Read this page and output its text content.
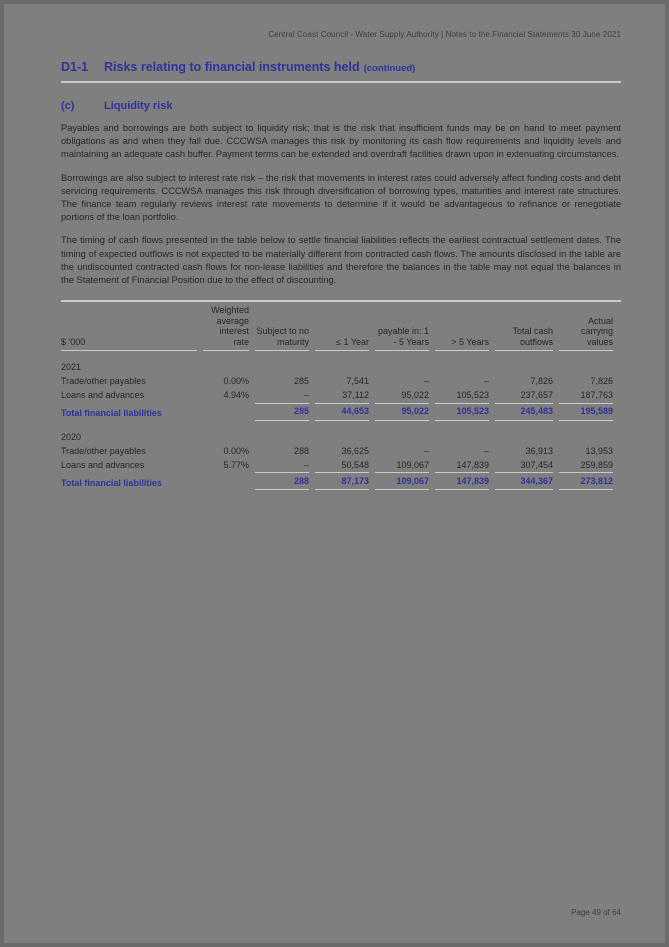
Central Coast Council - Water Supply Authority | Notes to the Financial Statements 30 June 2021
D1-1	Risks relating to financial instruments held (continued)
(c)	Liquidity risk

Payables and borrowings are both subject to liquidity risk; that is the risk that insufficient funds may be on hand to meet payment obligations as and when they fall due. CCCWSA manages this risk by monitoring its cash flow requirements and liquidity levels and maintaining an adequate cash buffer. Payment terms can be extended and overdraft facilities drawn upon in extenuating circumstances.

Borrowings are also subject to interest rate risk – the risk that movements in interest rates could adversely affect funding costs and debt servicing requirements. CCCWSA manages this risk through diversification of borrowing types, maturities and interest rate structures. The finance team regularly reviews interest rate movements to determine if it would be advantageous to refinance or renegotiate portions of the loan portfolio.

The timing of cash flows presented in the table below to settle financial liabilities reflects the earliest contractual settlement dates. The timing of expected outflows is not expected to be materially different from contracted cash flows. The amounts disclosed in the table are the undiscounted contracted cash flows for non-lease liabilities and therefore the balances in the table may not equal the balances in the Statement of Financial Position due to the effect of discounting.

$ '000	Weighted average interest rate	Subject to no maturity	≤ 1 Year	payable in: 1 - 5 Years	> 5 Years	Total cash outflows	Actual carrying values
2021							
Trade/other payables	0.00%	285	7,541	–	–	7,826	7,826
Loans and advances	4.94%	–	37,112	95,022	105,523	237,657	187,763
Total financial liabilities		285	44,653	95,022	105,523	245,483	195,589
2020							
Trade/other payables	0.00%	288	36,625	–	–	36,913	13,953
Loans and advances	5.77%	–	50,548	109,067	147,839	307,454	259,859
Total financial liabilities		288	87,173	109,067	147,839	344,367	273,812
Page 49 of 64
